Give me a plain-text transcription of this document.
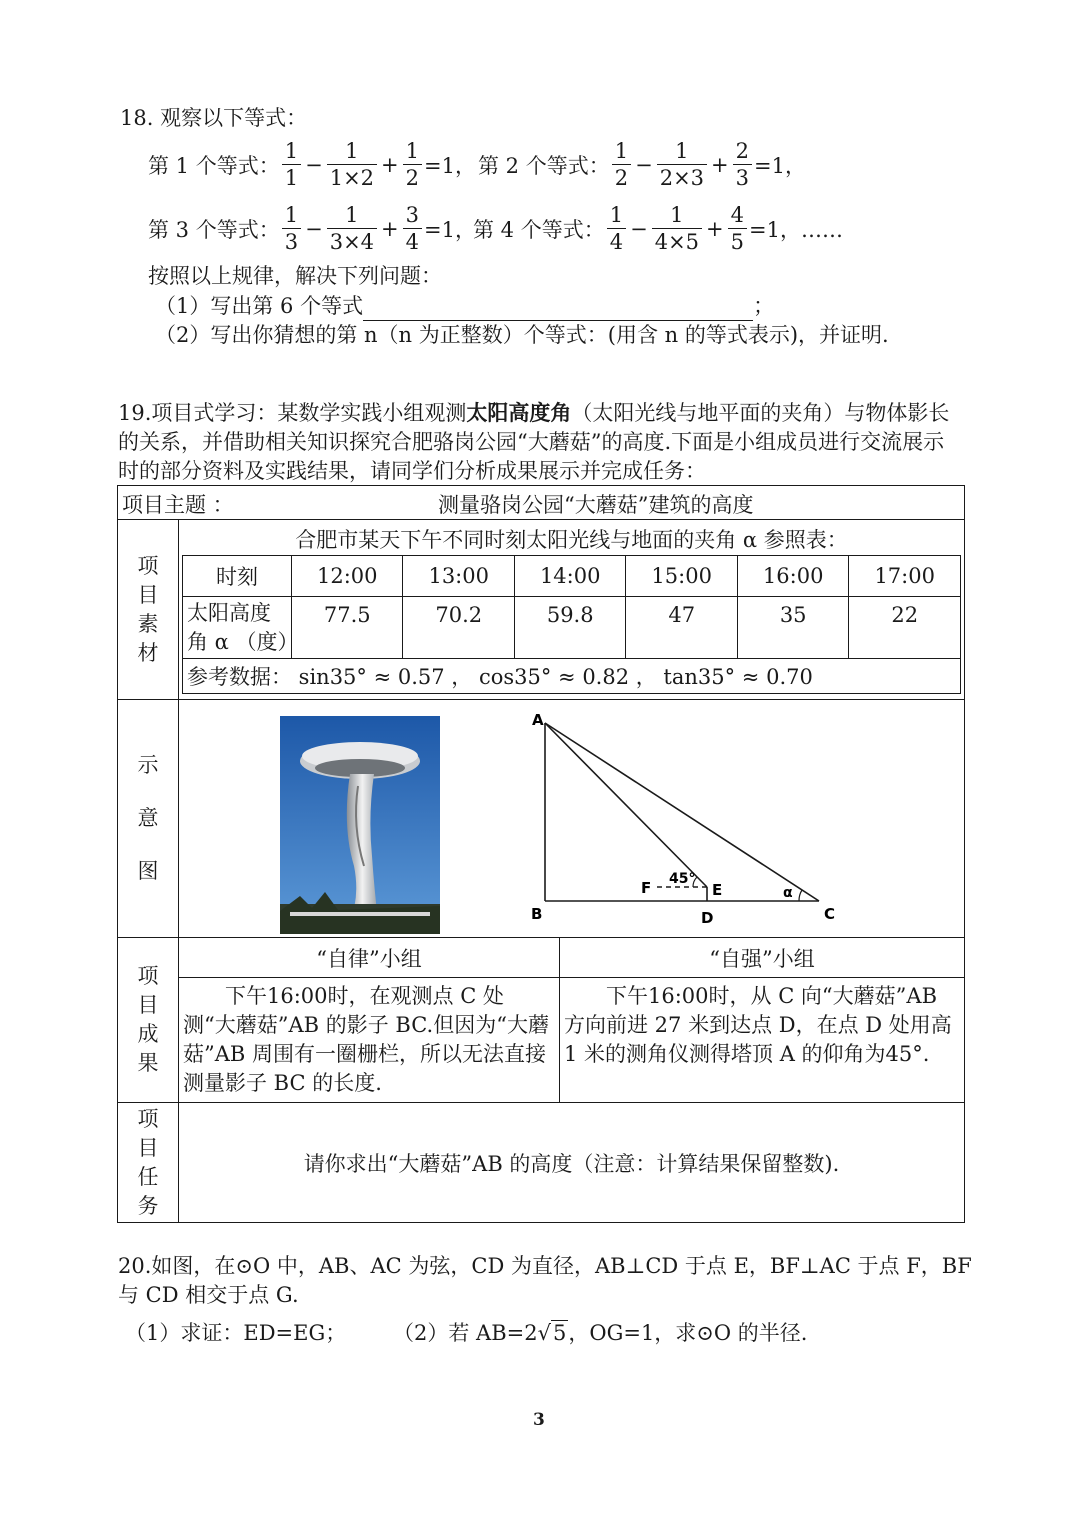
18. 观察以下等式：
第 1 个等式： $\frac{1}{1} - \frac{1}{1\times 2} + \frac{1}{2} =1$， 第 2 个等式： $\frac{1}{2} - \frac{1}{2\times 3} + \frac{2}{3} =1$，
第 3 个等式： $\frac{1}{3} - \frac{1}{3\times 4} + \frac{3}{4} =1$，
第 4 个等式： $\frac{1}{4} - \frac{1}{4\times 5} + \frac{4}{5} =1$，……
按照以上规律，解决下列问题：
（1）写出第 6 个等式	；
（2）写出你猜想的第 n（n 为正整数）个等式：(用含 n 的等式表示)，并证明.
19.项目式学习：某数学实践小组观测太阳高度角（太阳光线与地平面的夹角）与物体影长
的关系，并借助相关知识探究合肥骆岗公园“大蘑菇”的高度.下面是小组成员进行交流展示
时的部分资料及实践结果，请同学们分析成果展示并完成任务：
项目主题 ：	测量骆岗公园“大蘑菇”建筑的高度

项
目
素
材

合肥市某天下午不同时刻太阳光线与地面的夹角 α 参照表：
时刻	12:00	13:00	14:00	15:00	16:00	17:00

太阳高度
角 α （度）
	77.5	70.2	59.8	47	35	22
参考数据： sin35° ≈ 0.57 ， cos35° ≈ 0.82 ， tan35° ≈ 0.70

示
意
图

A
B	C
D
E
F 45°
α

项
目
成
果
	“自律”小组	“自强”小组

下午16:00时，在观测点 C 处测“大蘑菇”AB 的影子 BC.但因为“大蘑菇”AB 周围有一圈栅栏，所以无法直接测量影子 BC 的长度.

下午16:00时，从 C 向“大蘑菇”AB 方向前进 27 米到达点 D，在点 D 处用高 1 米的测角仪测得塔顶 A 的仰角为45°.

项
目
任
务
	请你求出“大蘑菇”AB 的高度（注意：计算结果保留整数).
20.如图，在⊙O 中，AB、AC 为弦，CD 为直径，AB⊥CD 于点 E，BF⊥AC 于点 F，BF
与 CD 相交于点 G.
（1）求证：ED=EG； （2）若 AB=2√5，OG=1，求⊙O 的半径.
3
